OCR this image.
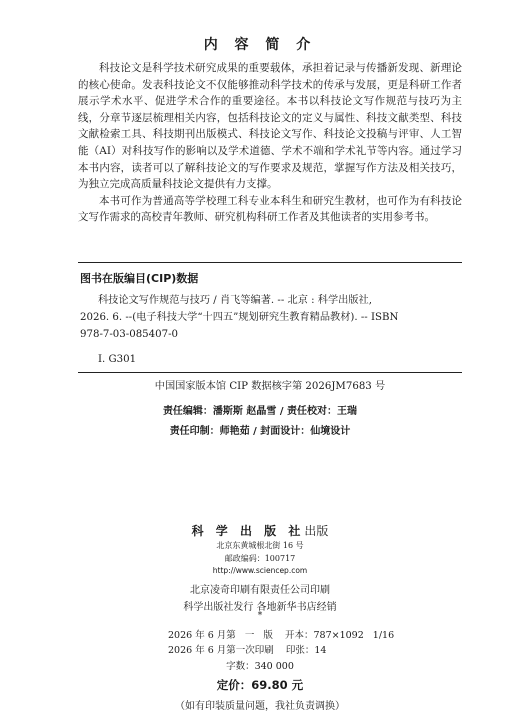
内 容 简 介

科技论文是科学技术研究成果的重要载体，承担着记录与传播新发现、新理论的核心使命。发表科技论文不仅能够推动科学技术的传承与发展，更是科研工作者展示学术水平、促进学术合作的重要途径。本书以科技论文写作规范与技巧为主线，分章节逐层梳理相关内容，包括科技论文的定义与属性、科技文献类型、科技文献检索工具、科技期刊出版模式、科技论文写作、科技论文投稿与评审、人工智能（AI）对科技写作的影响以及学术道德、学术不端和学术礼节等内容。通过学习本书内容，读者可以了解科技论文的写作要求及规范，掌握写作方法及相关技巧，为独立完成高质量科技论文提供有力支撑。

本书可作为普通高等学校理工科专业本科生和研究生教材，也可作为有科技论文写作需求的高校青年教师、研究机构科研工作者及其他读者的实用参考书。

图书在版编目(CIP)数据
科技论文写作规范与技巧 / 肖飞等编著. -- 北京 : 科学出版社,
2026. 6. --(电子科技大学“十四五”规划研究生教育精品教材). -- ISBN
978-7-03-085407-0
Ⅰ. G301
中国国家版本馆 CIP 数据核字第 2026JM7683 号
责任编辑：潘斯斯 赵晶雪 / 责任校对：王瑞
责任印制：师艳茹 / 封面设计：仙境设计
科 学 出 版 社出版
北京东黄城根北街 16 号
邮政编码：100717
http://www.sciencep.com
北京凌奇印刷有限责任公司印刷
科学出版社发行 各地新华书店经销
*
2026 年 6 月第   一   版    开本：787×1092   1/16
2026 年 6 月第一次印刷    印张：14
字数：340 000
定价：69.80 元
（如有印装质量问题，我社负责调换）
